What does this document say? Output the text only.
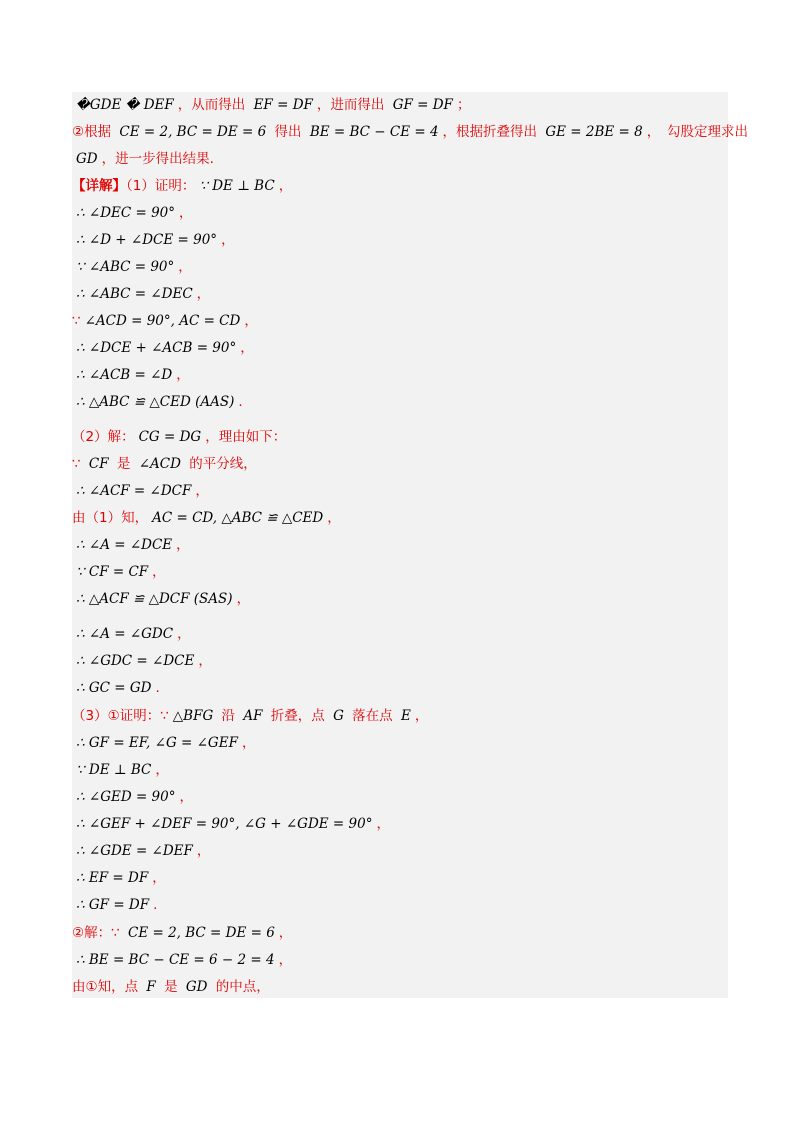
�GDE � DEF ，从而得出 EF = DF ，进而得出 GF = DF ；
②根据 CE = 2, BC = DE = 6 得出 BE = BC − CE = 4 ，根据折叠得出 GE = 2BE = 8 ，　勾股定理求出
GD ，进一步得出结果.
【详解】（1）证明： ∵ DE ⊥ BC ，
∴ ∠DEC = 90° ，
∴ ∠D + ∠DCE = 90° ，
∵ ∠ABC = 90° ，
∴ ∠ABC = ∠DEC ，
∵ ∠ACD = 90°, AC = CD ，
∴ ∠DCE + ∠ACB = 90° ，
∴ ∠ACB = ∠D ，
∴ △ABC ≌ △CED (AAS) .
（2）解： CG = DG ，理由如下：
∵ CF 是 ∠ACD 的平分线，
∴ ∠ACF = ∠DCF ，
由（1）知， AC = CD, △ABC ≌ △CED ，
∴ ∠A = ∠DCE ，
∵ CF = CF ，
∴ △ACF ≌ △DCF (SAS) ，
∴ ∠A = ∠GDC ，
∴ ∠GDC = ∠DCE ，
∴ GC = GD .
（3）①证明：∵ △BFG 沿 AF 折叠，点 G 落在点 E ，
∴ GF = EF, ∠G = ∠GEF ，
∵ DE ⊥ BC ，
∴ ∠GED = 90° ，
∴ ∠GEF + ∠DEF = 90°, ∠G + ∠GDE = 90° ，
∴ ∠GDE = ∠DEF ，
∴ EF = DF ，
∴ GF = DF .
②解：∵ CE = 2, BC = DE = 6 ，
∴ BE = BC − CE = 6 − 2 = 4 ，
由①知，点 F 是 GD 的中点，
